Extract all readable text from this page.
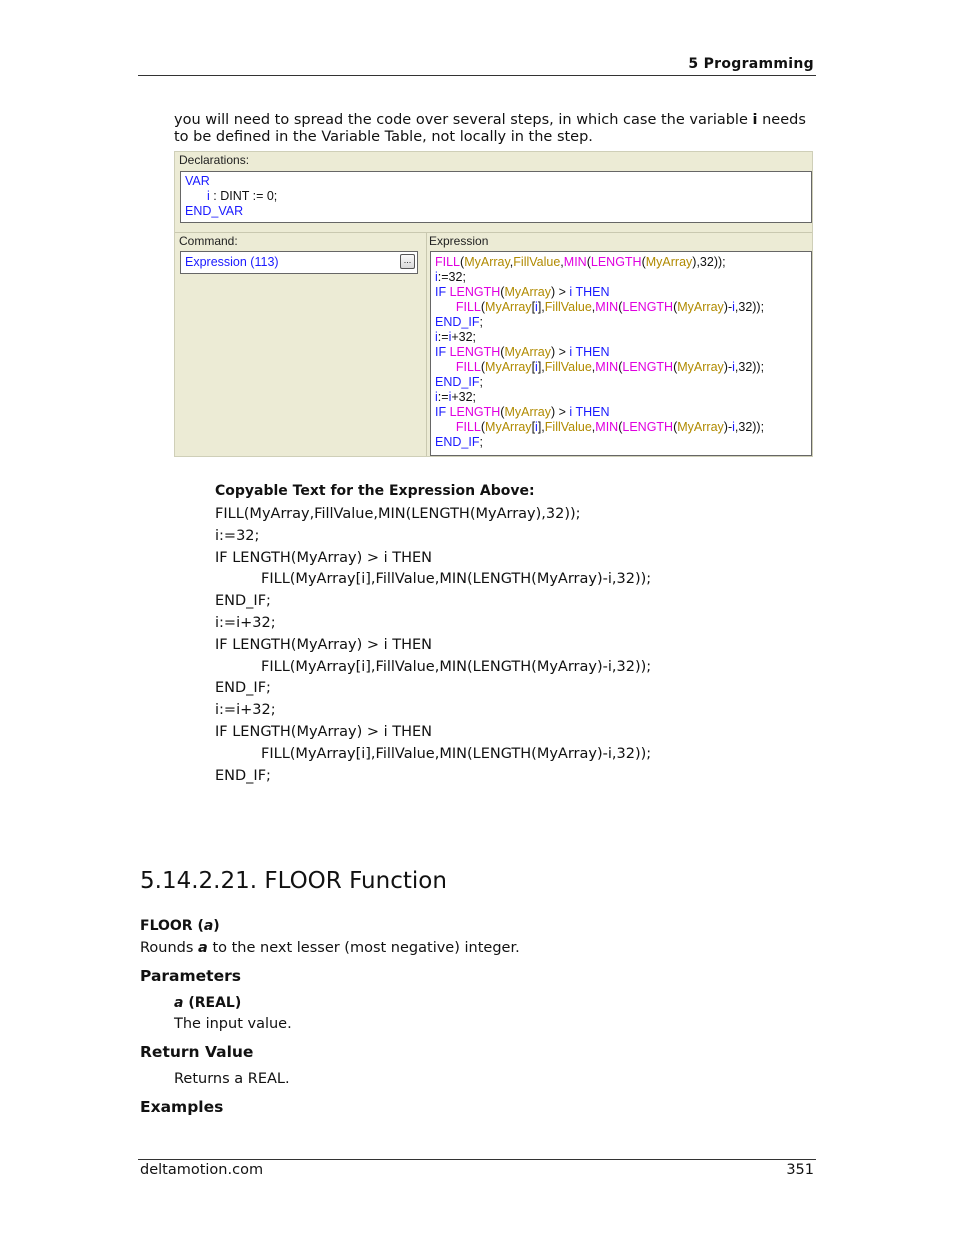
5 Programming
you will need to spread the code over several steps, in which case the variable i needs to be defined in the Variable Table, not locally in the step.
Declarations:
VAR
i : DINT := 0;
END_VAR
Command:	Expression
Expression (113)	...	FILL(MyArray,FillValue,MIN(LENGTH(MyArray),32));
i:=32;
IF LENGTH(MyArray) > i THEN
FILL(MyArray[i],FillValue,MIN(LENGTH(MyArray)-i,32));
END_IF;
i:=i+32;
IF LENGTH(MyArray) > i THEN
FILL(MyArray[i],FillValue,MIN(LENGTH(MyArray)-i,32));
END_IF;
i:=i+32;
IF LENGTH(MyArray) > i THEN
FILL(MyArray[i],FillValue,MIN(LENGTH(MyArray)-i,32));
END_IF;
Copyable Text for the Expression Above:
FILL(MyArray,FillValue,MIN(LENGTH(MyArray),32));
i:=32;
IF LENGTH(MyArray) > i THEN
FILL(MyArray[i],FillValue,MIN(LENGTH(MyArray)-i,32));
END_IF;
i:=i+32;
IF LENGTH(MyArray) > i THEN
FILL(MyArray[i],FillValue,MIN(LENGTH(MyArray)-i,32));
END_IF;
i:=i+32;
IF LENGTH(MyArray) > i THEN
FILL(MyArray[i],FillValue,MIN(LENGTH(MyArray)-i,32));
END_IF;
5.14.2.21. FLOOR Function
FLOOR (a)
Rounds a to the next lesser (most negative) integer.
Parameters
a (REAL)
The input value.
Return Value
Returns a REAL.
Examples
deltamotion.com	351
